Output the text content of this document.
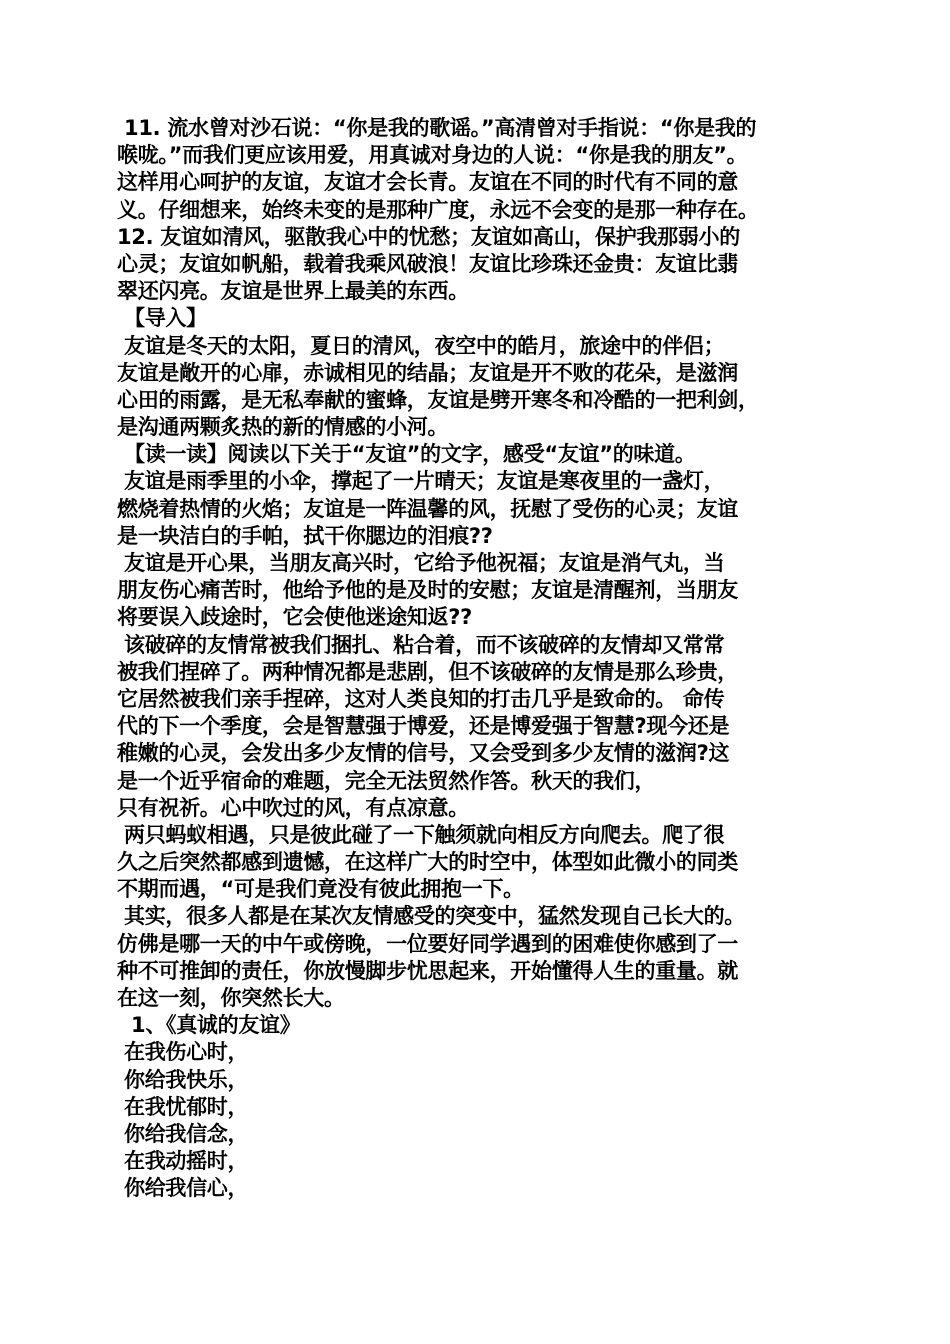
11. 流水曾对沙石说：“你是我的歌谣。”高清曾对手指说：“你是我的
喉咙。”而我们更应该用爱，用真诚对身边的人说：“你是我的朋友”。
这样用心呵护的友谊，友谊才会长青。友谊在不同的时代有不同的意
义。仔细想来，始终未变的是那种广度，永远不会变的是那一种存在。
12. 友谊如清风，驱散我心中的忧愁；友谊如高山，保护我那弱小的
心灵；友谊如帆船，载着我乘风破浪！友谊比珍珠还金贵：友谊比翡
翠还闪亮。友谊是世界上最美的东西。
【导入】
友谊是冬天的太阳，夏日的清风，夜空中的皓月，旅途中的伴侣；
友谊是敞开的心扉，赤诚相见的结晶；友谊是开不败的花朵，是滋润
心田的雨露，是无私奉献的蜜蜂，友谊是劈开寒冬和冷酷的一把利剑，
是沟通两颗炙热的新的情感的小河。
【读一读】阅读以下关于“友谊”的文字，感受“友谊”的味道。
友谊是雨季里的小伞，撑起了一片晴天；友谊是寒夜里的一盏灯，
燃烧着热情的火焰；友谊是一阵温馨的风，抚慰了受伤的心灵；友谊
是一块洁白的手帕，拭干你腮边的泪痕??
友谊是开心果，当朋友高兴时，它给予他祝福；友谊是消气丸，当
朋友伤心痛苦时，他给予他的是及时的安慰；友谊是清醒剂，当朋友
将要误入歧途时，它会使他迷途知返??
该破碎的友情常被我们捆扎、粘合着，而不该破碎的友情却又常常
被我们捏碎了。两种情况都是悲剧，但不该破碎的友情是那么珍贵，
它居然被我们亲手捏碎，这对人类良知的打击几乎是致命的。 命传
代的下一个季度，会是智慧强于博爱，还是博爱强于智慧?现今还是
稚嫩的心灵，会发出多少友情的信号，又会受到多少友情的滋润?这
是一个近乎宿命的难题，完全无法贸然作答。秋天的我们，
只有祝祈。心中吹过的风，有点凉意。
两只蚂蚁相遇，只是彼此碰了一下触须就向相反方向爬去。爬了很
久之后突然都感到遗憾，在这样广大的时空中，体型如此微小的同类
不期而遇，“可是我们竟没有彼此拥抱一下。
其实，很多人都是在某次友情感受的突变中，猛然发现自己长大的。
仿佛是哪一天的中午或傍晚，一位要好同学遇到的困难使你感到了一
种不可推卸的责任，你放慢脚步忧思起来，开始懂得人生的重量。就
在这一刻，你突然长大。
1、《真诚的友谊》
在我伤心时，
你给我快乐，
在我忧郁时，
你给我信念，
在我动摇时，
你给我信心，
